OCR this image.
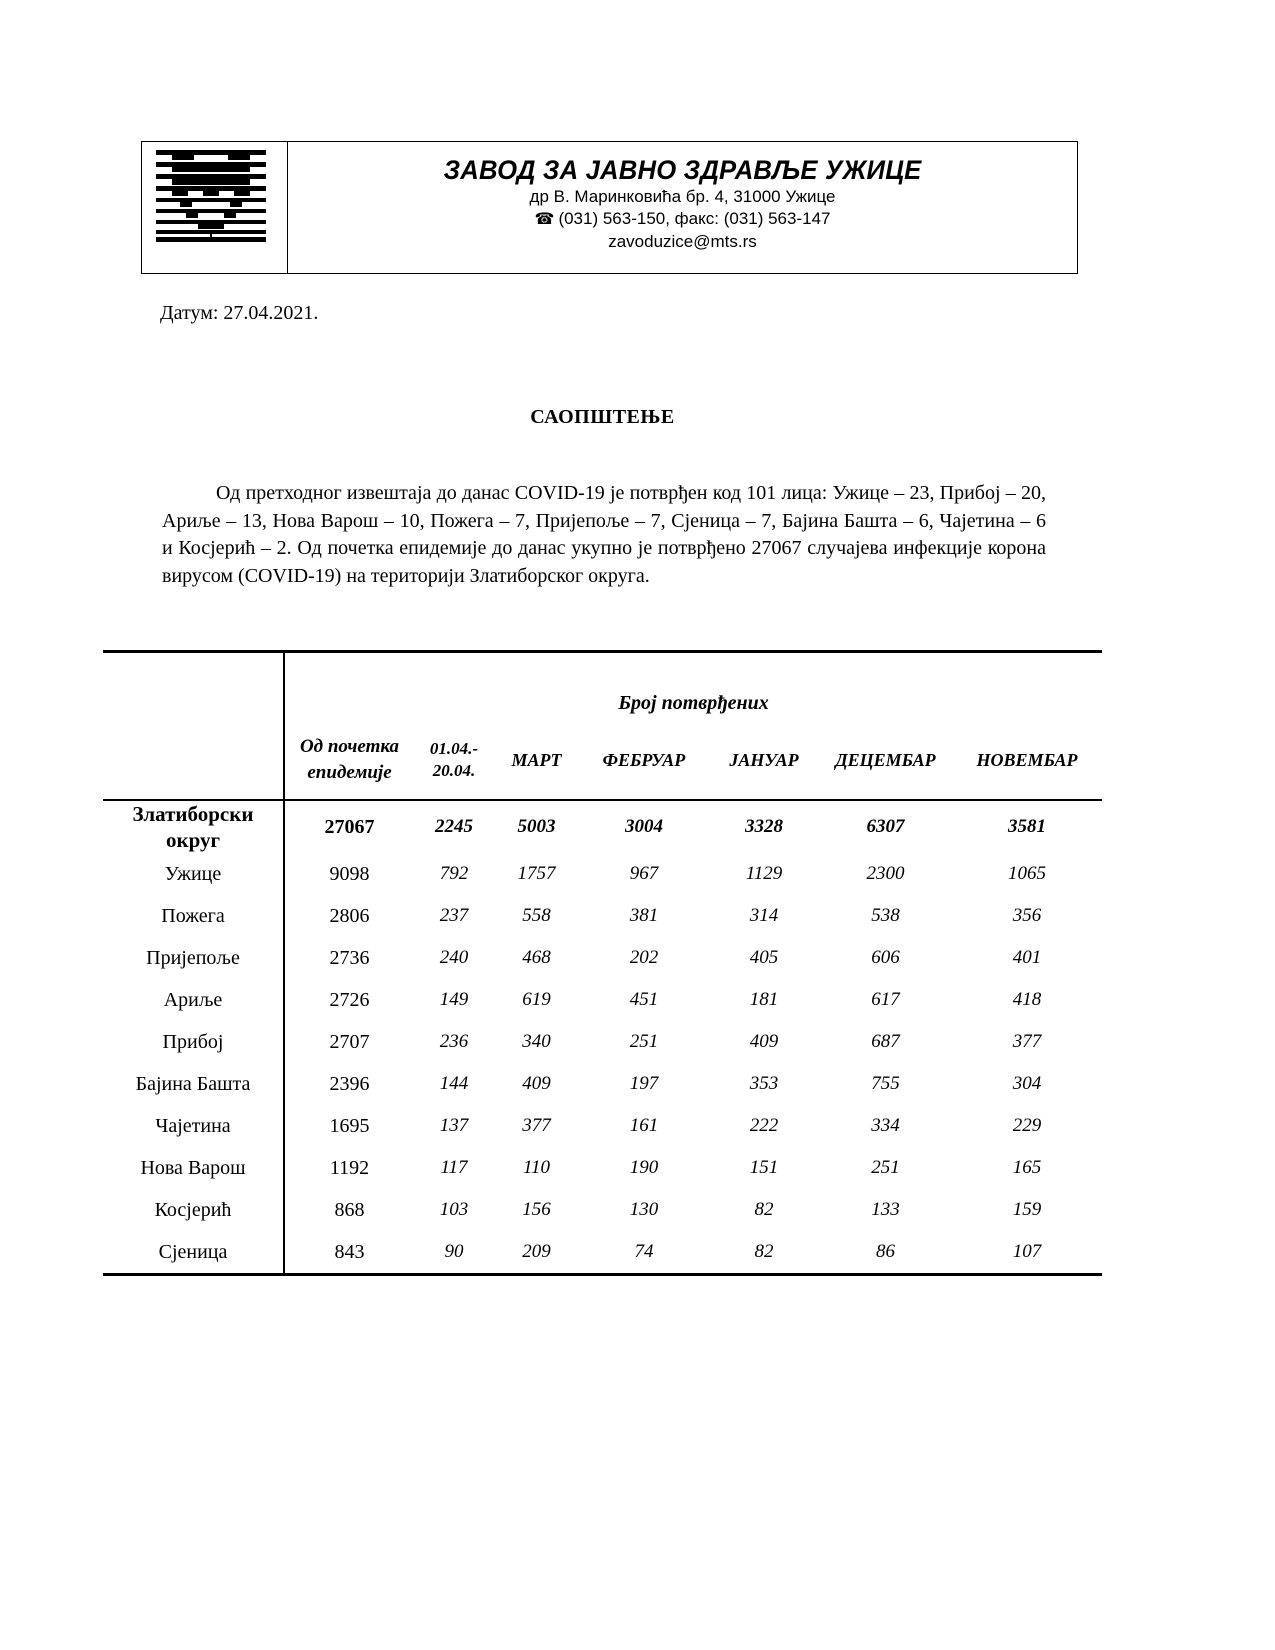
ЗАВОД ЗА ЈАВНО ЗДРАВЉЕ УЖИЦЕ
др В. Маринковића бр. 4, 31000 Ужице
☎ (031) 563-150, факс: (031) 563-147
zavoduzice@mts.rs
Датум: 27.04.2021.
САОПШТЕЊЕ

Од претходног извештаја до данас COVID-19 је потврђен код 101 лица: Ужице – 23, Прибој – 20, Ариље – 13, Нова Варош – 10, Пожега – 7, Пријепоље – 7, Сјеница – 7, Бајина Башта – 6, Чајетина – 6 и Косјерић – 2. Од почетка епидемије до данас укупно је потврђено 27067 случајева инфекције корона вирусом (COVID-19) на територији Златиборског округа.

	Број потврђених						
	Од почетка епидемије	01.04.- 20.04.	МАРТ	ФЕБРУАР	ЈАНУАР	ДЕЦЕМБАР	НОВЕМБАР
Златиборски округ	27067	2245	5003	3004	3328	6307	3581
Ужице	9098	792	1757	967	1129	2300	1065
Пожега	2806	237	558	381	314	538	356
Пријепоље	2736	240	468	202	405	606	401
Ариље	2726	149	619	451	181	617	418
Прибој	2707	236	340	251	409	687	377
Бајина Башта	2396	144	409	197	353	755	304
Чајетина	1695	137	377	161	222	334	229
Нова Варош	1192	117	110	190	151	251	165
Косјерић	868	103	156	130	82	133	159
Сјеница	843	90	209	74	82	86	107
